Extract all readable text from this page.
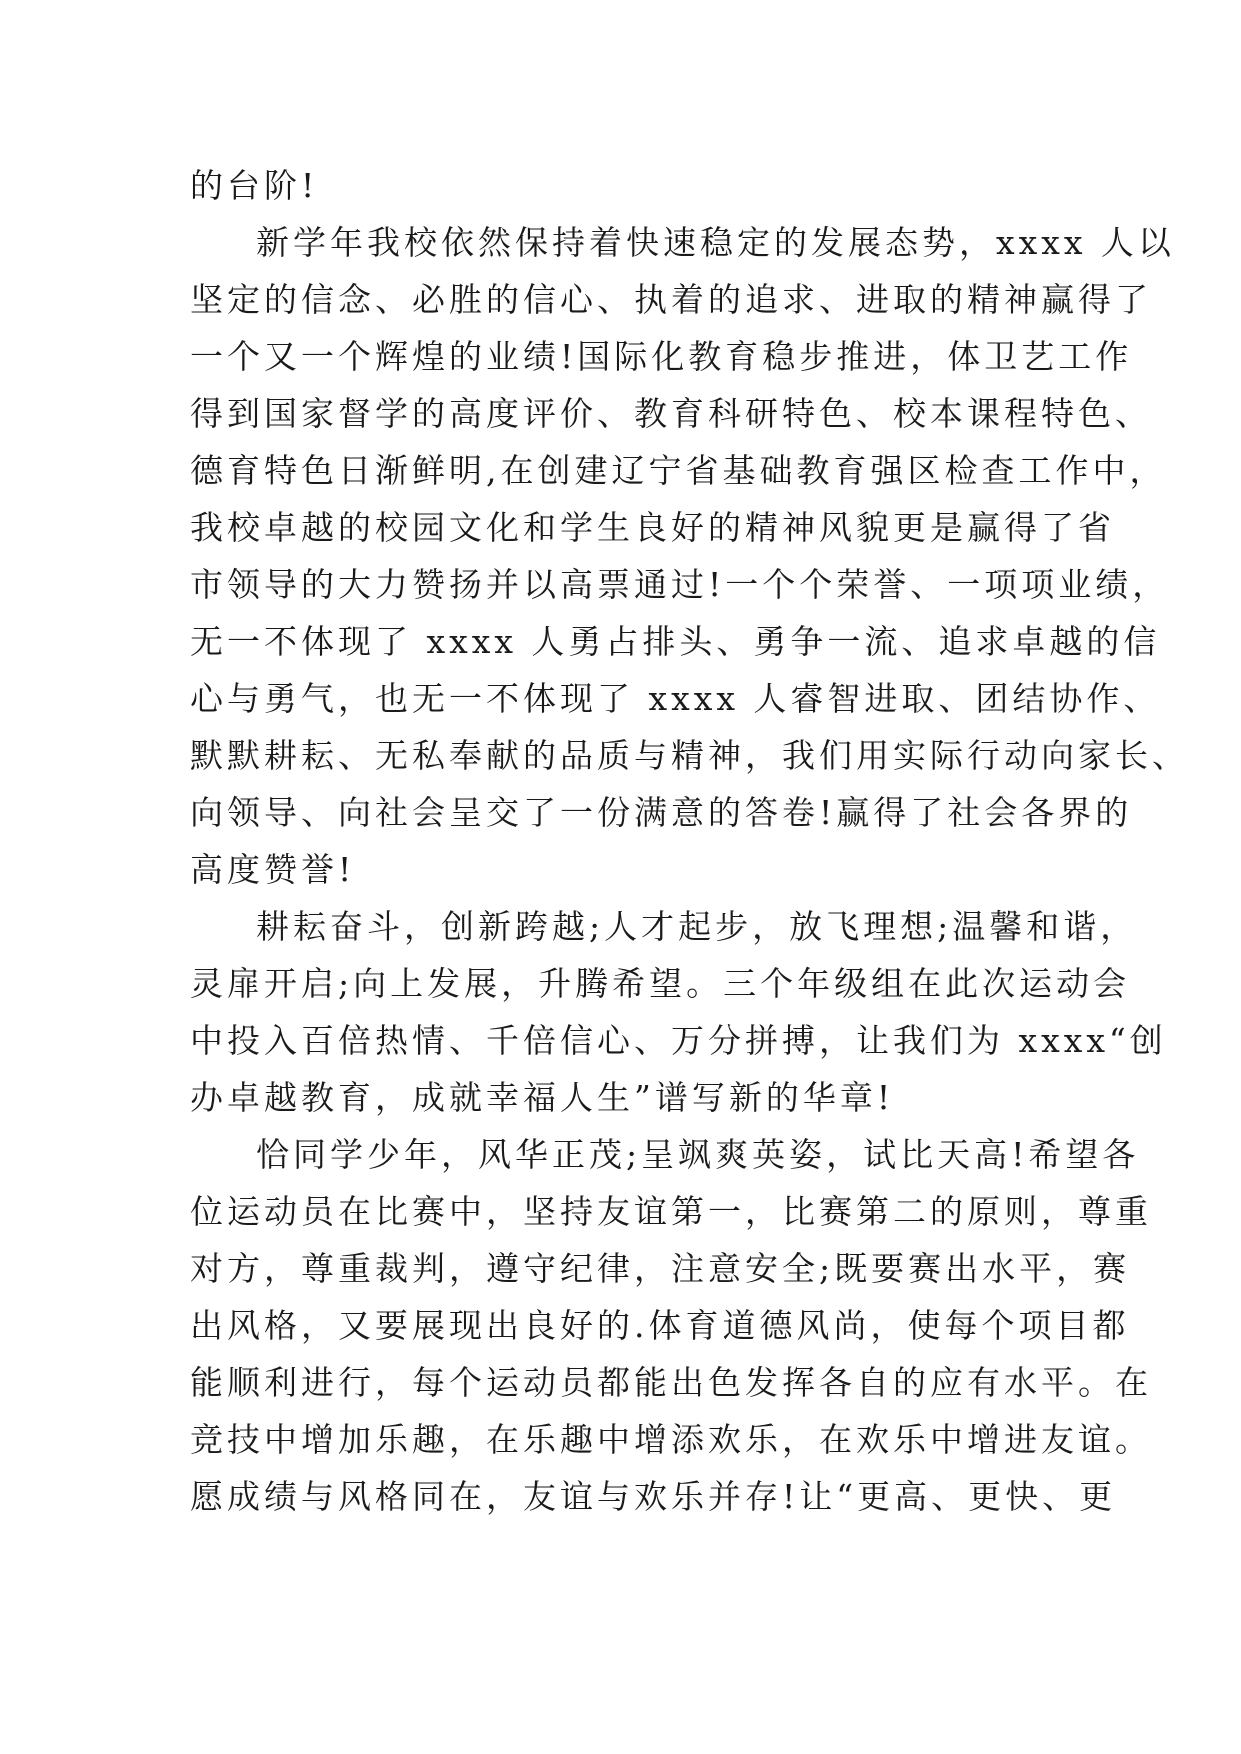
的台阶!
新学年我校依然保持着快速稳定的发展态势，xxxx 人以
坚定的信念、必胜的信心、执着的追求、进取的精神赢得了
一个又一个辉煌的业绩!国际化教育稳步推进，体卫艺工作
得到国家督学的高度评价、教育科研特色、校本课程特色、
德育特色日渐鲜明,在创建辽宁省基础教育强区检查工作中，
我校卓越的校园文化和学生良好的精神风貌更是赢得了省
市领导的大力赞扬并以高票通过!一个个荣誉、一项项业绩，
无一不体现了 xxxx 人勇占排头、勇争一流、追求卓越的信
心与勇气，也无一不体现了 xxxx 人睿智进取、团结协作、
默默耕耘、无私奉献的品质与精神，我们用实际行动向家长、
向领导、向社会呈交了一份满意的答卷!赢得了社会各界的
高度赞誉!
耕耘奋斗，创新跨越;人才起步，放飞理想;温馨和谐，
灵扉开启;向上发展，升腾希望。三个年级组在此次运动会
中投入百倍热情、千倍信心、万分拼搏，让我们为 xxxx“创
办卓越教育，成就幸福人生”谱写新的华章!
恰同学少年，风华正茂;呈飒爽英姿，试比天高!希望各
位运动员在比赛中，坚持友谊第一，比赛第二的原则，尊重
对方，尊重裁判，遵守纪律，注意安全;既要赛出水平，赛
出风格，又要展现出良好的.体育道德风尚，使每个项目都
能顺利进行，每个运动员都能出色发挥各自的应有水平。在
竞技中增加乐趣，在乐趣中增添欢乐，在欢乐中增进友谊。
愿成绩与风格同在，友谊与欢乐并存!让“更高、更快、更
